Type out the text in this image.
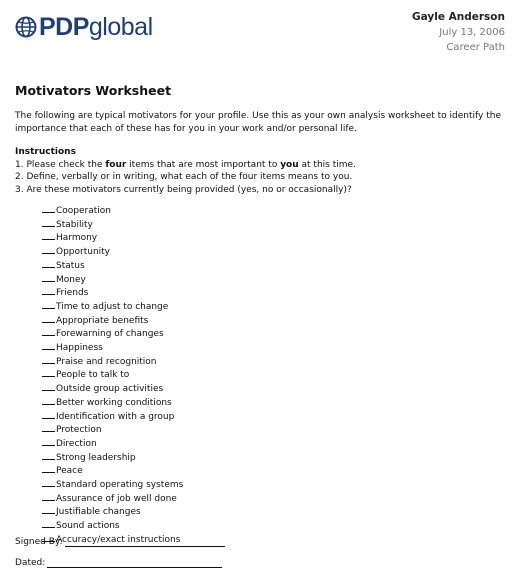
PDP global	Gayle Anderson
July 13, 2006
Career Path
Motivators Worksheet
The following are typical motivators for your profile. Use this as your own analysis worksheet to identify the importance that each of these has for you in your work and/or personal life.
Instructions
1. Please check the four items that are most important to you at this time.
2. Define, verbally or in writing, what each of the four items means to you.
3. Are these motivators currently being provided (yes, no or occasionally)?
Cooperation
Stability
Harmony
Opportunity
Status
Money
Friends
Time to adjust to change
Appropriate benefits
Forewarning of changes
Happiness
Praise and recognition
People to talk to
Outside group activities
Better working conditions
Identification with a group
Protection
Direction
Strong leadership
Peace
Standard operating systems
Assurance of job well done
Justifiable changes
Sound actions
Accuracy/exact instructions
Signed By:
Dated:
